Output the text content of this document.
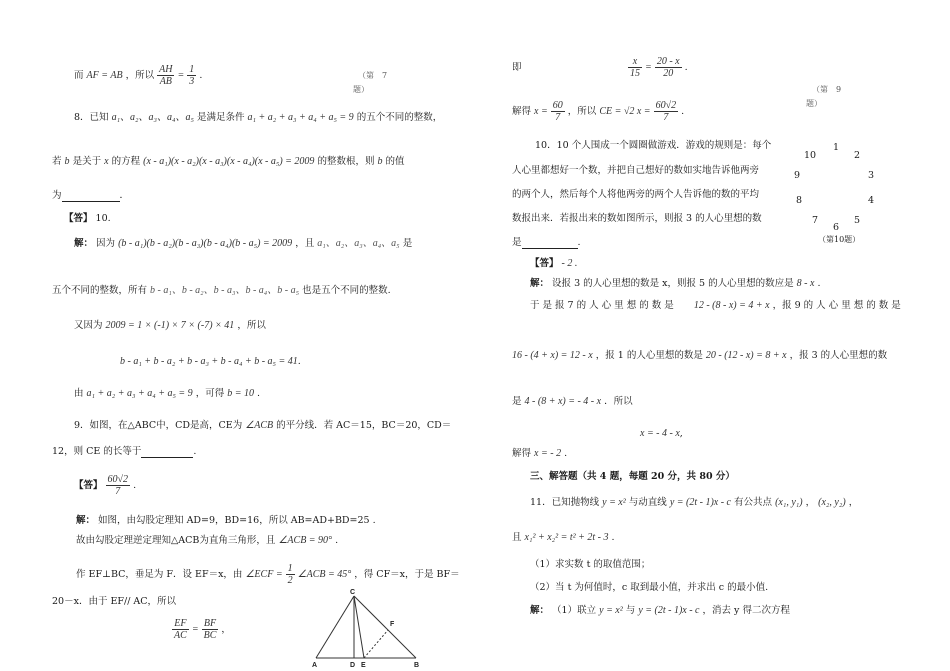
而 AF = AB ，所以 $\frac{AH}{AB} = \frac{1}{3}$ .	（第　7
题）
8．已知 a₁、a₂、a₃、a₄、a₅ 是满足条件 a₁ + a₂ + a₃ + a₄ + a₅ = 9 的五个不同的整数，
若 b 是关于 x 的方程 (x - a₁)(x - a₂)(x - a₃)(x - a₄)(x - a₅) = 2009 的整数根，则 b 的值
为	．
【答】 10.
解： 因为 (b - a₁)(b - a₂)(b - a₃)(b - a₄)(b - a₅) = 2009 ，且 a₁、a₂、a₃、a₄、a₅ 是
五个不同的整数，所有 b - a₁、b - a₂、b - a₃、b - a₄、b - a₅ 也是五个不同的整数.
又因为 2009 = 1 × (-1) × 7 × (-7) × 41 ，所以
b - a₁ + b - a₂ + b - a₃ + b - a₄ + b - a₅ = 41.
由 a₁ + a₂ + a₃ + a₄ + a₅ = 9 ，可得 b = 10 .
9．如图，在△ABC中，CD是高，CE为 ∠ACB 的平分线．若 AC＝15，BC＝20，CD＝
12，则 CE 的长等于	.
【答】 $\frac{60√2}{7}$ .
解： 如图，由勾股定理知 AD=9，BD=16，所以 AB=AD+BD=25 .
故由勾股定理逆定理知△ACB为直角三角形，且 ∠ACB = 90° .
作 EF⊥BC，垂足为 F．设 EF＝x，由 ∠ECF = $\frac{1}{2}$ ∠ACB = 45° ，得 CF＝x，于是 BF＝
20－x．由于 EF// AC，所以
$\frac{EF}{AC} = \frac{BF}{BC}$ ，
C
F
A	D E	B
即	$\frac{x}{15} = \frac{20 - x}{20}$ .
（第　9
题）
解得 $x = \frac{60}{7}$ ，所以 CE = √2 $x = \frac{60√2}{7}$ .
10．10 个人围成一个圆圈做游戏．游戏的规则是：每个
人心里都想好一个数，并把自己想好的数如实地告诉他两旁
的两个人，然后每个人将他两旁的两个人告诉他的数的平均
数报出来．若报出来的数如图所示，则报 3 的人心里想的数
是	.
1
2
3
4
5
6
7
8
9
10
（第10题）
【答】 - 2 .
解： 设报 3 的人心里想的数是 x，则报 5 的人心里想的数应是 8 - x .
于 是 报 7 的 人 心 里 想 的 数 是 12 - (8 - x) = 4 + x ，报 9 的 人 心 里 想 的 数 是
16 - (4 + x) = 12 - x ，报 1 的人心里想的数是 20 - (12 - x) = 8 + x ，报 3 的人心里想的数
是 4 - (8 + x) = - 4 - x ．所以
x = - 4 - x,
解得 x = - 2 .
三、解答题（共 4 题，每题 20 分，共 80 分）
11．已知抛物线 y = x² 与动直线 y = (2t - 1)x - c 有公共点 (x₁, y₁) ， (x₂, y₂) ，
且 x₁² + x₂² = t² + 2t - 3 .
（1）求实数 t 的取值范围；
（2）当 t 为何值时，c 取到最小值，并求出 c 的最小值.
解： （1）联立 y = x² 与 y = (2t - 1)x - c ，消去 y 得二次方程
